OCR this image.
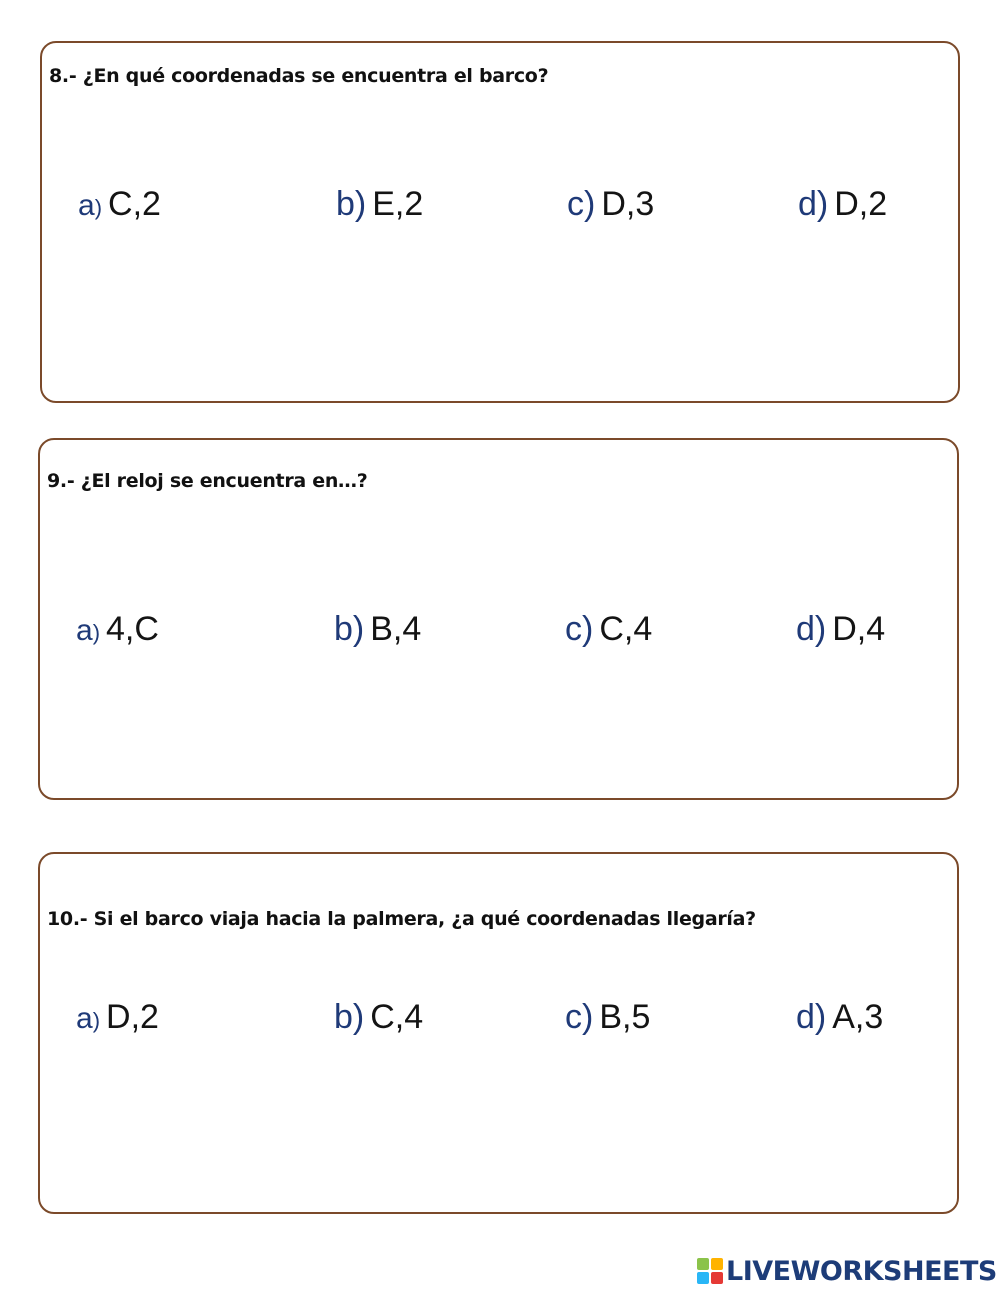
8.- ¿En qué coordenadas se encuentra el barco?
a) C,2	b) E,2	c) D,3	d) D,2
9.- ¿El reloj se encuentra en…?
a) 4,C	b) B,4	c) C,4	d) D,4
10.- Si el barco viaja hacia la palmera, ¿a qué coordenadas llegaría?
a) D,2	b) C,4	c) B,5	d) A,3
LIVEWORKSHEETS
